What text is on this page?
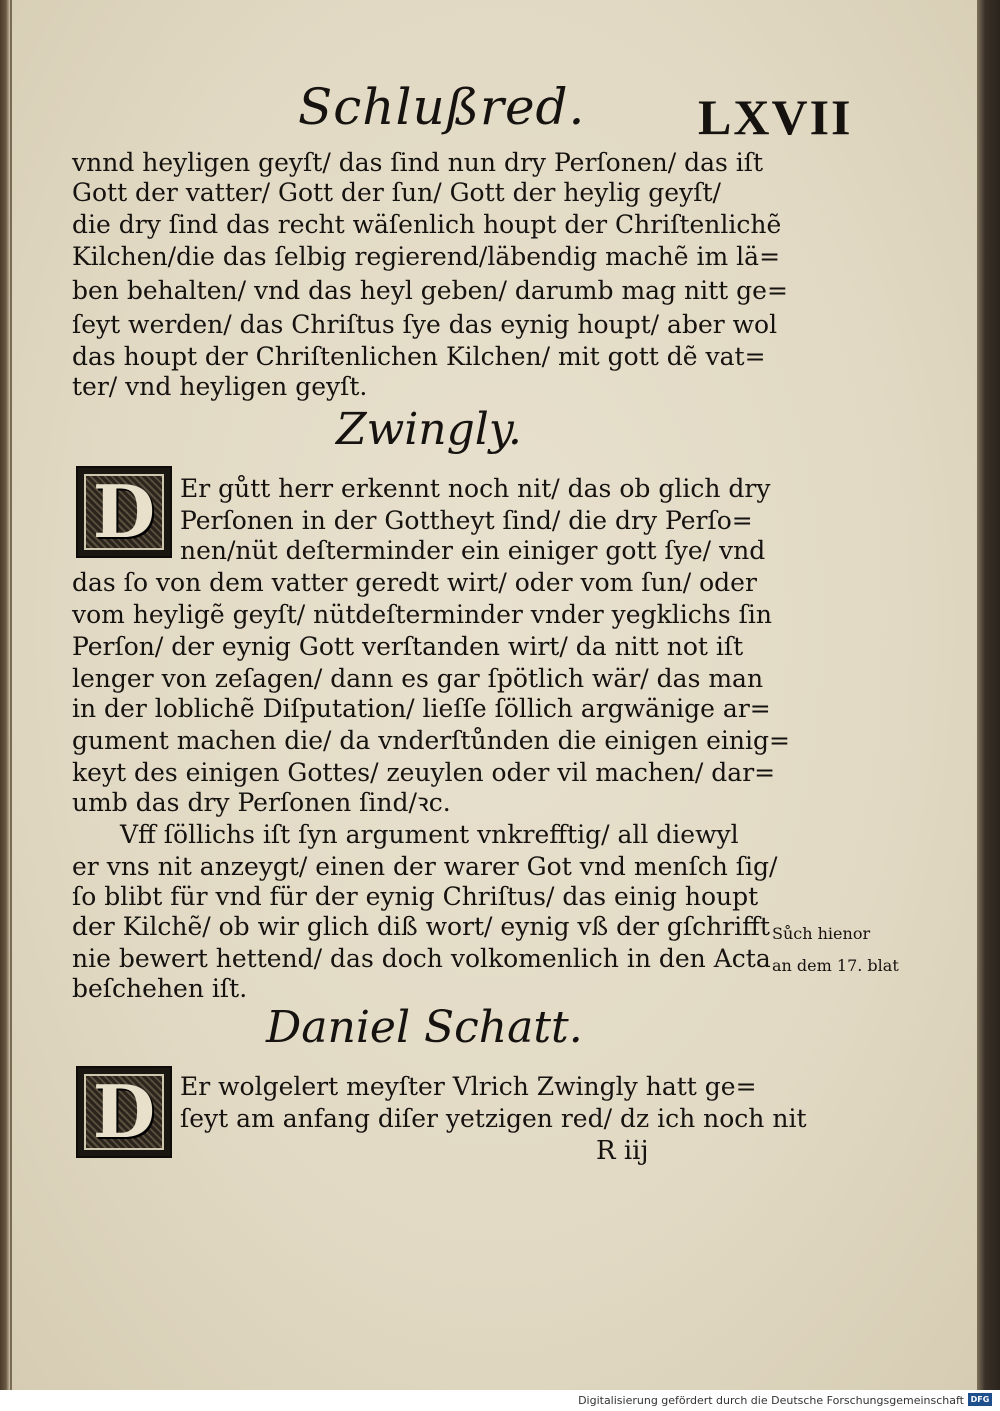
Schlußred. LXVII
vnnd heyligen geyſt/ das ſind nun dry Perſonen/ das iſt
Gott der vatter/ Gott der ſun/ Gott der heylig geyſt/
die dry ſind das recht wäſenlich houpt der Chriſtenlichẽ
Kilchen/die das ſelbig regierend/läbendig machẽ im lä=
ben behalten/ vnd das heyl geben/ darumb mag nitt ge=
ſeyt werden/ das Chriſtus ſye das eynig houpt/ aber wol
das houpt der Chriſtenlichen Kilchen/ mit gott dẽ vat=
ter/ vnd heyligen geyſt.
Zwingly.
D Er gůtt herr erkennt noch nit/ das ob glich dry
Perſonen in der Gottheyt ſind/ die dry Perſo=
nen/nüt deſterminder ein einiger gott ſye/ vnd
das ſo von dem vatter geredt wirt/ oder vom ſun/ oder
vom heyligẽ geyſt/ nütdeſterminder vnder yegklichs ſin
Perſon/ der eynig Gott verſtanden wirt/ da nitt not iſt
lenger von zeſagen/ dann es gar ſpötlich wär/ das man
in der loblichẽ Diſputation/ lieſſe ſöllich argwänige ar=
gument machen die/ da vnderſtůnden die einigen einig=
keyt des einigen Gottes/ zeuylen oder vil machen/ dar=
umb das dry Perſonen ſind/ꝛc.
Vff ſöllichs iſt ſyn argument vnkrefftig/ all diewyl
er vns nit anzeygt/ einen der warer Got vnd menſch ſig/
ſo blibt für vnd für der eynig Chriſtus/ das einig houpt
der Kilchẽ/ ob wir glich diß wort/ eynig vß der gſchrifft
nie bewert hettend/ das doch volkomenlich in den Acta
beſchehen iſt.
Sůch hienor
an dem 17. blat
Daniel Schatt.
D Er wolgelert meyſter Vlrich Zwingly hatt ge=
ſeyt am anfang diſer yetzigen red/ dz ich noch nit
R iij
Digitalisierung gefördert durch die Deutsche Forschungsgemeinschaft DFG
